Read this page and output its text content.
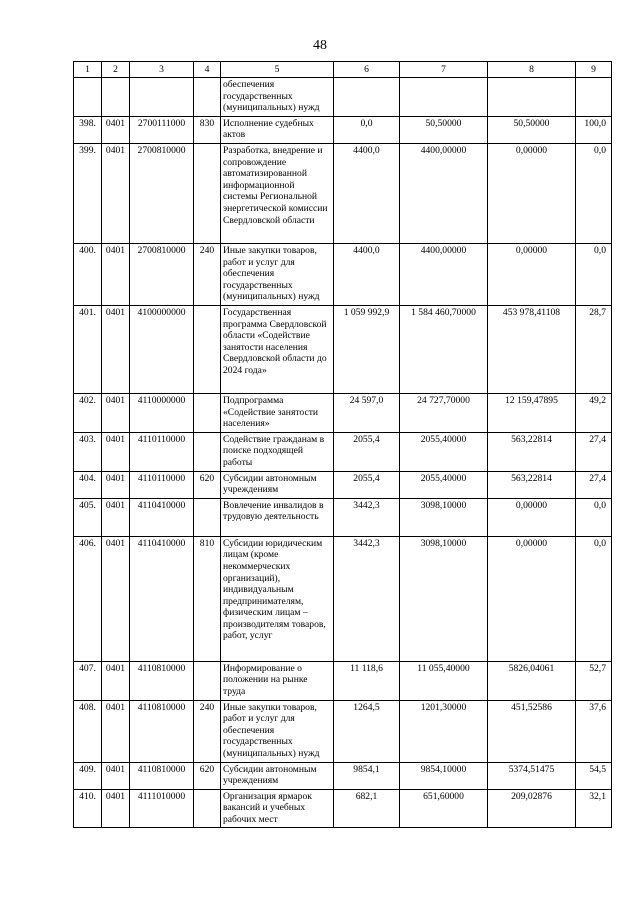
48
1	2	3	4	5	6	7	8	9
				обеспечения государственных (муниципальных) нужд				
398.	0401	2700111000	830	Исполнение судебных актов	0,0	50,50000	50,50000	100,0
399.	0401	2700810000		Разработка, внедрение и сопровождение автоматизированной информационной системы Региональной энергетической комиссии Свердловской области	4400,0	4400,00000	0,00000	0,0
400.	0401	2700810000	240	Иные закупки товаров, работ и услуг для обеспечения государственных (муниципальных) нужд	4400,0	4400,00000	0,00000	0,0
401.	0401	4100000000		Государственная программа Свердловской области «Содействие занятости населения Свердловской области до 2024 года»	1 059 992,9	1 584 460,70000	453 978,41108	28,7
402.	0401	4110000000		Подпрограмма «Содействие занятости населения»	24 597,0	24 727,70000	12 159,47895	49,2
403.	0401	4110110000		Содействие гражданам в поиске подходящей работы	2055,4	2055,40000	563,22814	27,4
404.	0401	4110110000	620	Субсидии автономным учреждениям	2055,4	2055,40000	563,22814	27,4
405.	0401	4110410000		Вовлечение инвалидов в трудовую деятельность	3442,3	3098,10000	0,00000	0,0
406.	0401	4110410000	810	Субсидии юридическим лицам (кроме некоммерческих организаций), индивидуальным предпринимателям, физическим лицам – производителям товаров, работ, услуг	3442,3	3098,10000	0,00000	0,0
407.	0401	4110810000		Информирование о положении на рынке труда	11 118,6	11 055,40000	5826,04061	52,7
408.	0401	4110810000	240	Иные закупки товаров, работ и услуг для обеспечения государственных (муниципальных) нужд	1264,5	1201,30000	451,52586	37,6
409.	0401	4110810000	620	Субсидии автономным учреждениям	9854,1	9854,10000	5374,51475	54,5
410.	0401	4111010000		Организация ярмарок вакансий и учебных рабочих мест	682,1	651,60000	209,02876	32,1
